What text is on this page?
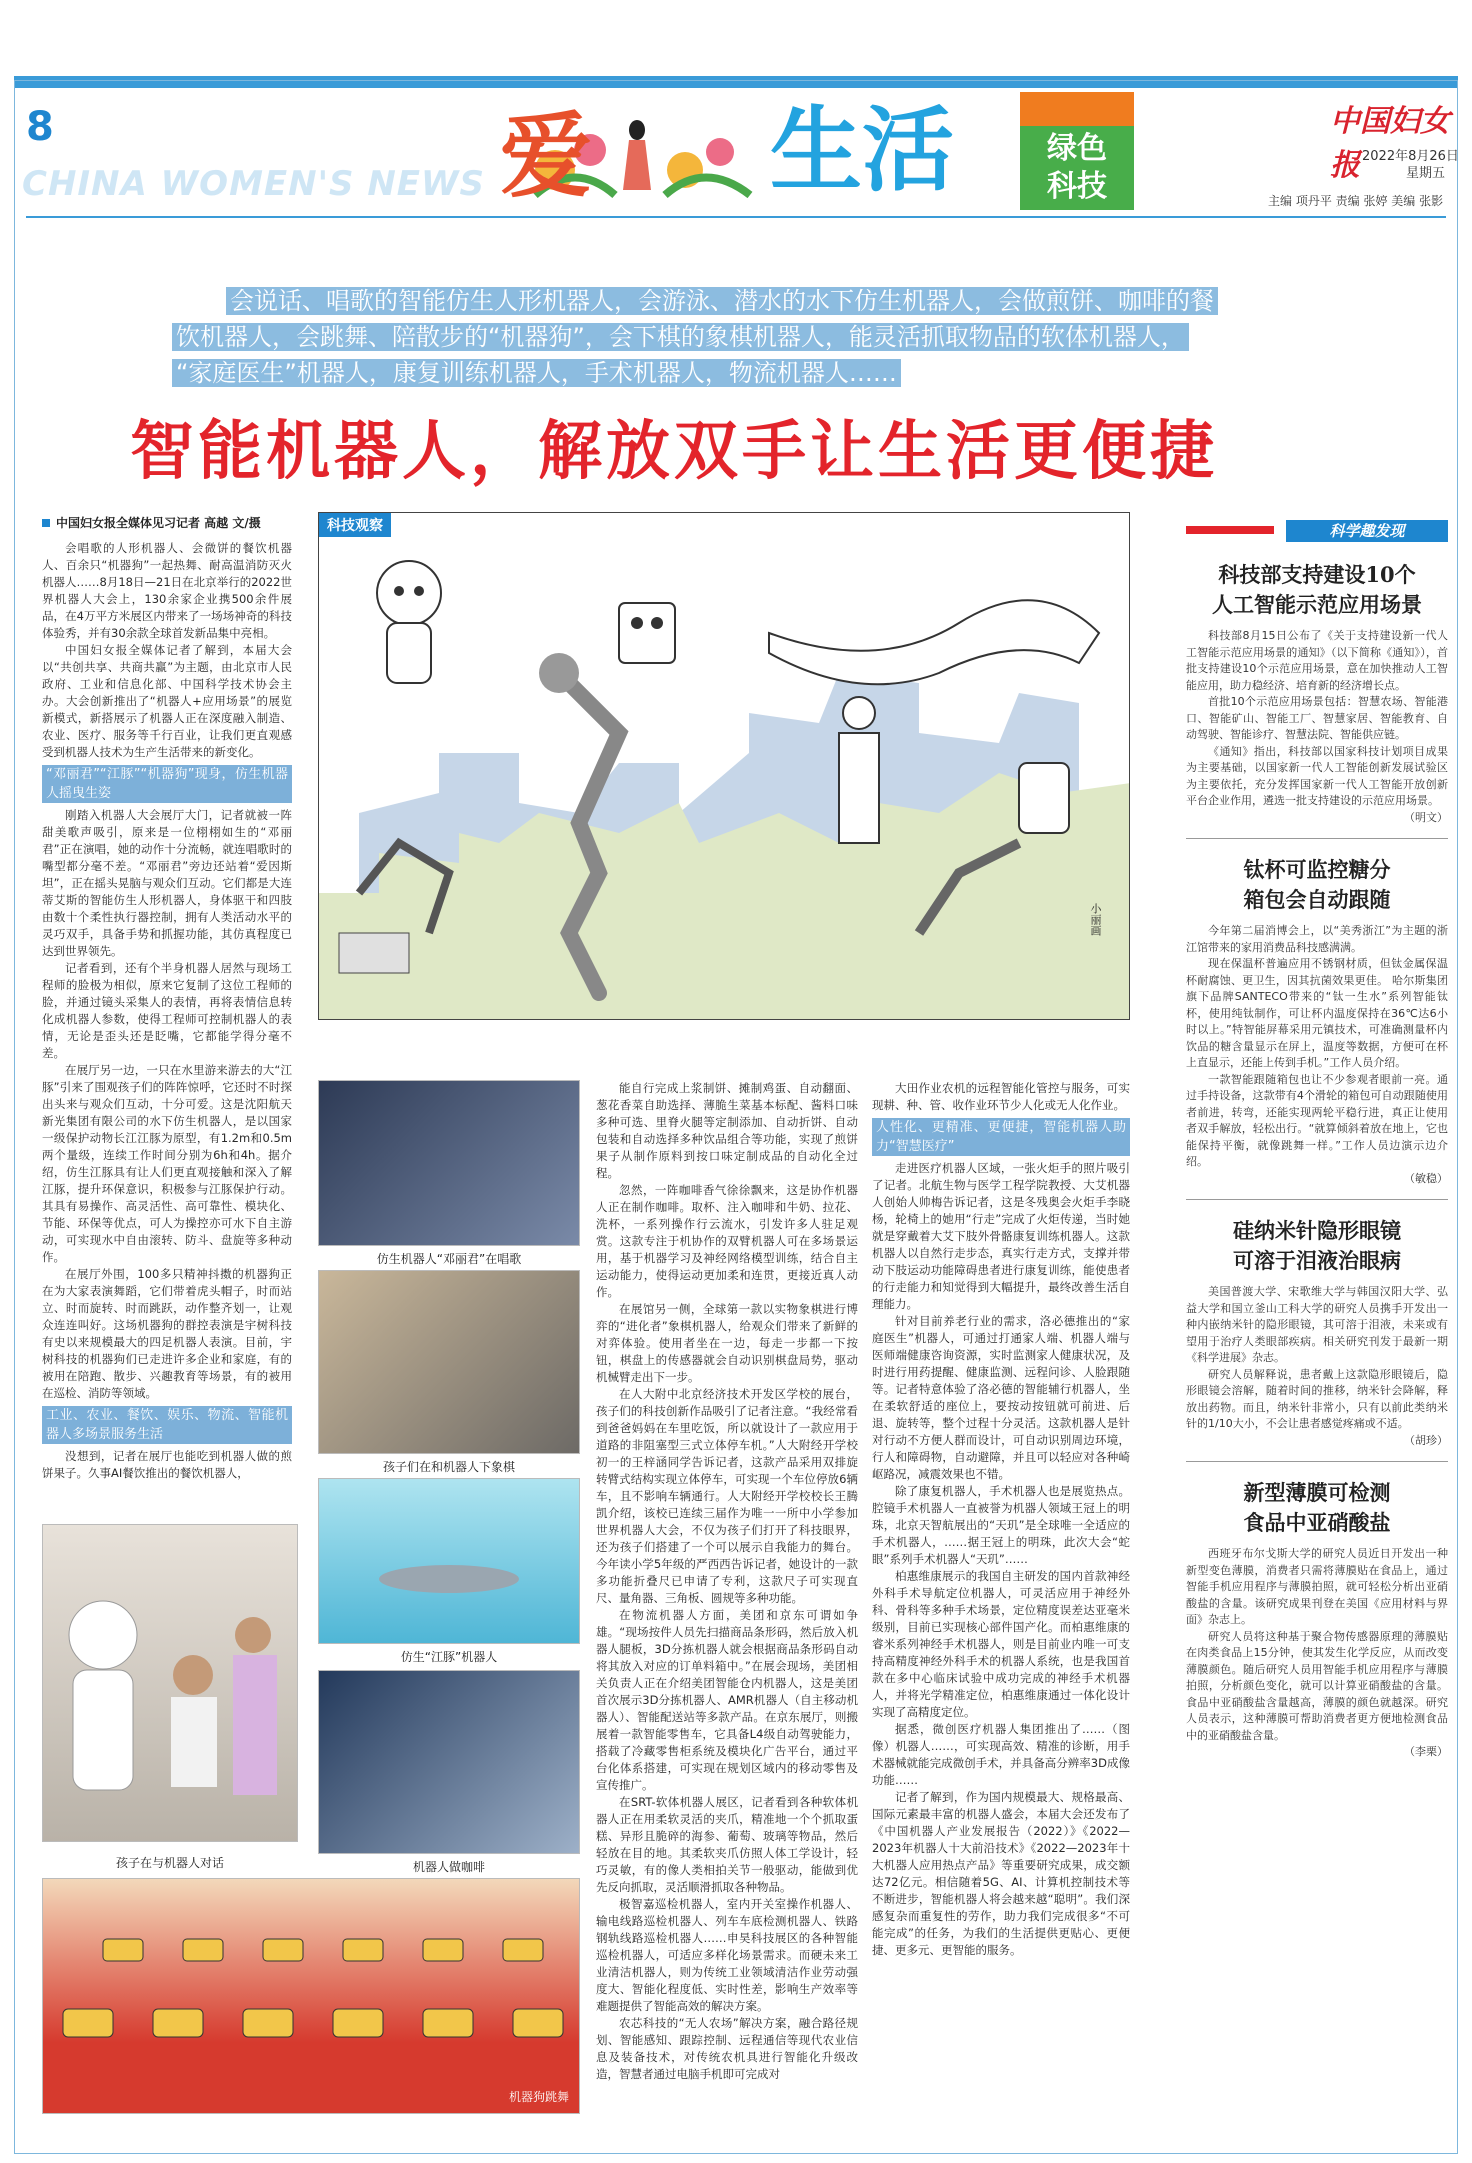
8
CHINA WOMEN'S NEWS 爱 生活	绿色
科技
中国妇女报 2022年8月26日
星期五
主编 项丹平 责编 张婷 美编 张影
会说话、唱歌的智能仿生人形机器人，会游泳、潜水的水下仿生机器人，会做煎饼、咖啡的餐
饮机器人，会跳舞、陪散步的“机器狗”，会下棋的象棋机器人，能灵活抓取物品的软体机器人，
“家庭医生”机器人，康复训练机器人，手术机器人，物流机器人……
智能机器人，解放双手让生活更便捷
中国妇女报全媒体见习记者 高越 文/摄

会唱歌的人形机器人、会微饼的餐饮机器人、百余只“机器狗”一起热舞、耐高温消防灭火机器人……8月18日—21日在北京举行的2022世界机器人大会上，130余家企业携500余件展品，在4万平方米展区内带来了一场场神奇的科技体验秀，并有30余款全球首发新品集中亮相。

中国妇女报全媒体记者了解到，本届大会以“共创共享、共商共赢”为主题，由北京市人民政府、工业和信息化部、中国科学技术协会主办。大会创新推出了“机器人+应用场景”的展览新模式，新搭展示了机器人正在深度融入制造、农业、医疗、服务等千行百业，让我们更直观感受到机器人技术为生产生活带来的新变化。

“邓丽君”“江豚”“机器狗”现身，仿生机器人摇曳生姿

刚踏入机器人大会展厅大门，记者就被一阵甜美歌声吸引，原来是一位栩栩如生的“邓丽君”正在演唱，她的动作十分流畅，就连唱歌时的嘴型都分毫不差。“邓丽君”旁边还站着“爱因斯坦”，正在摇头晃脑与观众们互动。它们都是大连蒂艾斯的智能仿生人形机器人，身体驱干和四肢由数十个柔性执行器控制，拥有人类活动水平的灵巧双手，具备手势和抓握功能，其仿真程度已达到世界领先。

记者看到，还有个半身机器人居然与现场工程师的脸极为相似，原来它复制了这位工程师的脸，并通过镜头采集人的表情，再将表情信息转化成机器人参数，使得工程师可控制机器人的表情，无论是歪头还是眨嘴，它都能学得分毫不差。

在展厅另一边，一只在水里游来游去的大“江豚”引来了围观孩子们的阵阵惊呼，它还时不时探出头来与观众们互动，十分可爱。这是沈阳航天新光集团有限公司的水下仿生机器人，是以国家一级保护动物长江江豚为原型，有1.2m和0.5m两个量级，连续工作时间分别为6h和4h。据介绍，仿生江豚具有让人们更直观接触和深入了解江豚，提升环保意识，积极参与江豚保护行动。其具有易操作、高灵活性、高可靠性、模块化、节能、环保等优点，可人为操控亦可水下自主游动，可实现水中自由滚转、防斗、盘旋等多种动作。

在展厅外围，100多只精神抖擞的机器狗正在为大家表演舞蹈，它们带着虎头帽子，时而站立、时而旋转、时而跳跃，动作整齐划一，让观众连连叫好。这场机器狗的群控表演是宇树科技有史以来规模最大的四足机器人表演。目前，宇树科技的机器狗们已走进许多企业和家庭，有的被用在陪跑、散步、兴趣教育等场景，有的被用在巡检、消防等领域。

工业、农业、餐饮、娱乐、物流、智能机器人多场景服务生活

没想到，记者在展厅也能吃到机器人做的煎饼果子。久事AI餐饮推出的餐饮机器人，

科技观察
小丽画
仿生机器人“邓丽君”在唱歌
孩子们在和机器人下象棋
仿生“江豚”机器人
孩子在与机器人对话	机器人做咖啡
机器狗跳舞

能自行完成上浆制饼、摊制鸡蛋、自动翻面、葱花香菜自助选择、薄脆生菜基本标配、酱料口味多种可选、里脊火腿等定制添加、自动折饼、自动包装和自动选择多种饮品组合等功能，实现了煎饼果子从制作原料到按口味定制成品的自动化全过程。

忽然，一阵咖啡香气徐徐飘来，这是协作机器人正在制作咖啡。取杯、注入咖啡和牛奶、拉花、洗杯，一系列操作行云流水，引发许多人驻足观赏。这款专注于机协作的双臂机器人可在多场景运用，基于机器学习及神经网络模型训练，结合自主运动能力，使得运动更加柔和连贯，更接近真人动作。

在展馆另一侧，全球第一款以实物象棋进行博弈的“进化者”象棋机器人，给观众们带来了新鲜的对弈体验。使用者坐在一边，每走一步都一下按钮，棋盘上的传感器就会自动识别棋盘局势，驱动机械臂走出下一步。

在人大附中北京经济技术开发区学校的展台，孩子们的科技创新作品吸引了记者注意。“我经常看到爸爸妈妈在车里吃饭，所以就设计了一款应用于道路的非阻塞型三式立体停车机。”人大附经开学校初一的王梓涵同学告诉记者，这款产品采用双排旋转臂式结构实现立体停车，可实现一个车位停放6辆车，且不影响车辆通行。人大附经开学校校长王腾凯介绍，该校已连续三届作为唯一一所中小学参加世界机器人大会，不仅为孩子们打开了科技眼界，还为孩子们搭建了一个可以展示自我能力的舞台。今年读小学5年级的严西西告诉记者，她设计的一款多功能折叠尺已申请了专利，这款尺子可实现直尺、量角器、三角板、圆规等多种功能。

在物流机器人方面，美团和京东可谓如争雄。“现场按件人员先扫描商品条形码，然后放入机器人腿板，3D分拣机器人就会根据商品条形码自动将其放入对应的订单料箱中。”在展会现场，美团相关负责人正在介绍美团智能仓内机器人，这是美团首次展示3D分拣机器人、AMR机器人（自主移动机器人）、智能配送站等多款产品。在京东展厅，则搬展着一款智能零售车，它具备L4级自动驾驶能力，搭载了冷藏零售柜系统及模块化广告平台，通过平台化体系搭建，可实现在规划区域内的移动零售及宣传推广。

在SRT-软体机器人展区，记者看到各种软体机器人正在用柔软灵活的夹爪，精准地一个个抓取蛋糕、异形且脆碎的海参、葡萄、玻璃等物品，然后轻放在目的地。其柔软夹爪仿照人体工学设计，轻巧灵敏，有的像人类相拍关节一般驱动，能做到优先反向抓取，灵活顺滑抓取各种物品。

极智嘉巡检机器人，室内开关室操作机器人、输电线路巡检机器人、列车车底检测机器人、铁路钢轨线路巡检机器人……申昊科技展区的各种智能巡检机器人，可适应多样化场景需求。而硬未来工业清洁机器人，则为传统工业领域清洁作业劳动强度大、智能化程度低、实时性差，影响生产效率等难题提供了智能高效的解决方案。

农芯科技的“无人农场”解决方案，融合路径规划、智能感知、跟踪控制、远程通信等现代农业信息及装备技术，对传统农机具进行智能化升级改造，智慧者通过电脑手机即可完成对

大田作业农机的远程智能化管控与服务，可实现耕、种、管、收作业环节少人化或无人化作业。

人性化、更精准、更便捷，智能机器人助力“智慧医疗”

走进医疗机器人区域，一张火炬手的照片吸引了记者。北航生物与医学工程学院教授、大艾机器人创始人帅梅告诉记者，这是冬残奥会火炬手李晓杨，轮椅上的她用“行走”完成了火炬传递，当时她就是穿戴着大艾下肢外骨骼康复训练机器人。这款机器人以自然行走步态，真实行走方式，支撑并带动下肢运动功能障碍患者进行康复训练，能使患者的行走能力和知觉得到大幅提升，最终改善生活自理能力。

针对目前养老行业的需求，洛必德推出的“家庭医生”机器人，可通过打通家人端、机器人端与医师端健康咨询资源，实时监测家人健康状况，及时进行用药提醒、健康监测、远程问诊、人脸跟随等。记者特意体验了洛必德的智能辅行机器人，坐在柔软舒适的座位上，要按动按钮就可前进、后退、旋转等，整个过程十分灵活。这款机器人是针对行动不方便人群而设计，可自动识别周边环境，行人和障碍物，自动避障，并且可以轻应对各种崎岖路况，减震效果也不错。

除了康复机器人，手术机器人也是展览热点。腔镜手术机器人一直被誉为机器人领域王冠上的明珠，北京天智航展出的“天玑”是全球唯一全适应的手术机器人，……据王冠上的明珠，此次大会“蛇眼”系列手术机器人“天玑”……

柏惠维康展示的我国自主研发的国内首款神经外科手术导航定位机器人，可灵活应用于神经外科、骨科等多种手术场景，定位精度误差达亚毫米级别，目前已实现核心部件国产化。而柏惠维康的睿米系列神经手术机器人，则是目前业内唯一可支持高精度神经外科手术的机器人系统，也是我国首款在多中心临床试验中成功完成的神经手术机器人，并将光学精准定位，柏惠维康通过一体化设计实现了高精度定位。

据悉，微创医疗机器人集团推出了……（图像）机器人……，可实现高效、精准的诊断，用手术器械就能完成微创手术，并具备高分辨率3D成像功能……

记者了解到，作为国内规模最大、规格最高、国际元素最丰富的机器人盛会，本届大会还发布了《中国机器人产业发展报告（2022）》《2022—2023年机器人十大前沿技术》《2022—2023年十大机器人应用热点产品》等重要研究成果，成交额达72亿元。相信随着5G、AI、计算机控制技术等不断进步，智能机器人将会越来越“聪明”。我们深感复杂而重复性的劳作，助力我们完成很多“不可能完成”的任务，为我们的生活提供更贴心、更便捷、更多元、更智能的服务。

科学趣发现
科技部支持建设10个
人工智能示范应用场景

科技部8月15日公布了《关于支持建设新一代人工智能示范应用场景的通知》（以下简称《通知》），首批支持建设10个示范应用场景，意在加快推动人工智能应用，助力稳经济、培育新的经济增长点。

首批10个示范应用场景包括：智慧农场、智能港口、智能矿山、智能工厂、智慧家居、智能教育、自动驾驶、智能诊疗、智慧法院、智能供应链。

《通知》指出，科技部以国家科技计划项目成果为主要基础，以国家新一代人工智能创新发展试验区为主要依托，充分发挥国家新一代人工智能开放创新平台企业作用，遴选一批支持建设的示范应用场景。

（明文）
钛杯可监控糖分
箱包会自动跟随

今年第二届消博会上，以“美秀浙江”为主题的浙江馆带来的家用消费品科技感满满。

现在保温杯普遍应用不锈钢材质，但钛金属保温杯耐腐蚀、更卫生，因其抗菌效果更佳。 哈尔斯集团旗下品牌SANTECO带来的“钛一生水”系列智能钛杯，使用纯钛制作，可让杯内温度保持在36℃达6小时以上。”特智能屏幕采用元镇技术，可准确测量杯内饮品的糖含量显示在屏上，温度等数据，方便可在杯上直显示，还能上传到手机。”工作人员介绍。

一款智能跟随箱包也让不少参观者眼前一亮。通过手持设备，这款带有4个滑轮的箱包可自动跟随使用者前进，转弯，还能实现两轮平稳行进，真正让使用者双手解放，轻松出行。“就算倾斜着放在地上，它也能保持平衡，就像跳舞一样。”工作人员边演示边介绍。

（敏稳）
硅纳米针隐形眼镜
可溶于泪液治眼病

美国普渡大学、宋歌维大学与韩国汉阳大学、弘益大学和国立釜山工科大学的研究人员携手开发出一种内嵌纳米针的隐形眼镜，其可溶于泪液，未来或有望用于治疗人类眼部疾病。相关研究刊发于最新一期《科学进展》杂志。

研究人员解释说，患者戴上这款隐形眼镜后，隐形眼镜会溶解，随着时间的推移，纳米针会降解，释放出药物。而且，纳米针非常小，只有以前此类纳米针的1/10大小，不会让患者感觉疼痛或不适。

（胡珍）
新型薄膜可检测
食品中亚硝酸盐

西班牙布尔戈斯大学的研究人员近日开发出一种新型变色薄膜，消费者只需将薄膜贴在食品上，通过智能手机应用程序与薄膜拍照，就可轻松分析出亚硝酸盐的含量。该研究成果刊登在美国《应用材料与界面》杂志上。

研究人员将这种基于聚合物传感器原理的薄膜贴在肉类食品上15分钟，使其发生化学反应，从而改变薄膜颜色。随后研究人员用智能手机应用程序与薄膜拍照，分析颜色变化，就可以计算亚硝酸盐的含量。食品中亚硝酸盐含量越高，薄膜的颜色就越深。研究人员表示，这种薄膜可帮助消费者更方便地检测食品中的亚硝酸盐含量。

（李栗）
